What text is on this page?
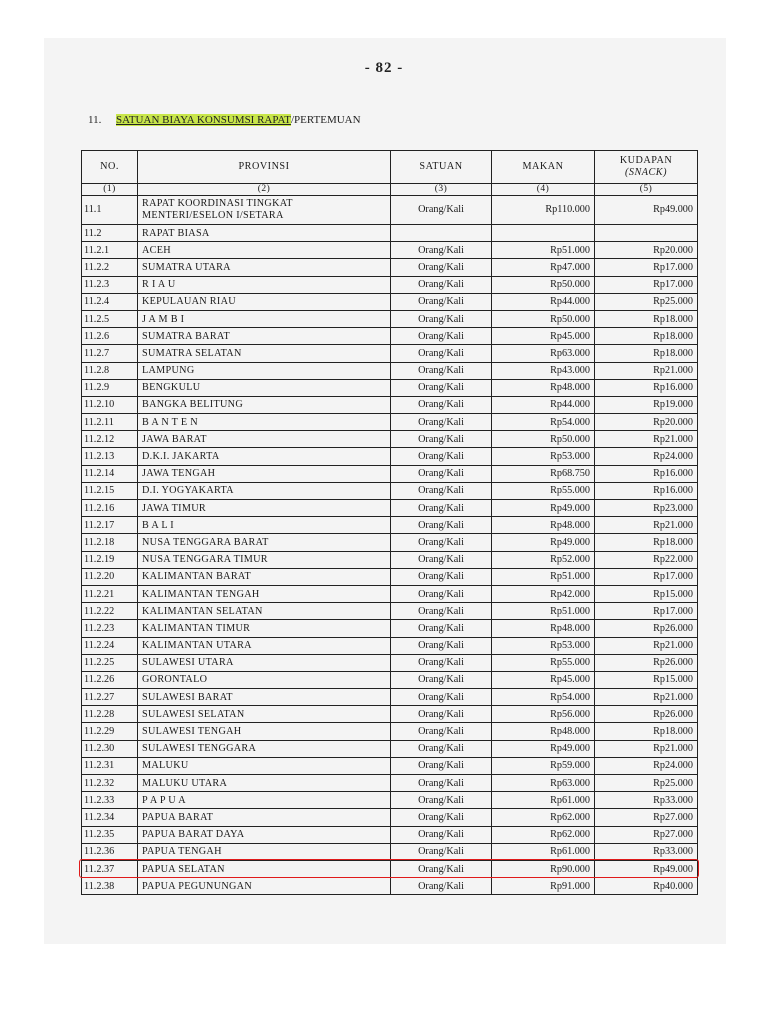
- 82 -
11. SATUAN BIAYA KONSUMSI RAPAT/PERTEMUAN
NO.	PROVINSI	SATUAN	MAKAN	KUDAPAN
(SNACK)
(1)	(2)	(3)	(4)	(5)
11.1	RAPAT KOORDINASI TINGKAT MENTERI/ESELON I/SETARA	Orang/Kali	Rp110.000	Rp49.000
11.2	RAPAT BIASA			
11.2.1	ACEH	Orang/Kali	Rp51.000	Rp20.000
11.2.2	SUMATRA UTARA	Orang/Kali	Rp47.000	Rp17.000
11.2.3	R I A U	Orang/Kali	Rp50.000	Rp17.000
11.2.4	KEPULAUAN RIAU	Orang/Kali	Rp44.000	Rp25.000
11.2.5	J A M B I	Orang/Kali	Rp50.000	Rp18.000
11.2.6	SUMATRA BARAT	Orang/Kali	Rp45.000	Rp18.000
11.2.7	SUMATRA SELATAN	Orang/Kali	Rp63.000	Rp18.000
11.2.8	LAMPUNG	Orang/Kali	Rp43.000	Rp21.000
11.2.9	BENGKULU	Orang/Kali	Rp48.000	Rp16.000
11.2.10	BANGKA BELITUNG	Orang/Kali	Rp44.000	Rp19.000
11.2.11	B A N T E N	Orang/Kali	Rp54.000	Rp20.000
11.2.12	JAWA BARAT	Orang/Kali	Rp50.000	Rp21.000
11.2.13	D.K.I. JAKARTA	Orang/Kali	Rp53.000	Rp24.000
11.2.14	JAWA TENGAH	Orang/Kali	Rp68.750	Rp16.000
11.2.15	D.I. YOGYAKARTA	Orang/Kali	Rp55.000	Rp16.000
11.2.16	JAWA TIMUR	Orang/Kali	Rp49.000	Rp23.000
11.2.17	B A L I	Orang/Kali	Rp48.000	Rp21.000
11.2.18	NUSA TENGGARA BARAT	Orang/Kali	Rp49.000	Rp18.000
11.2.19	NUSA TENGGARA TIMUR	Orang/Kali	Rp52.000	Rp22.000
11.2.20	KALIMANTAN BARAT	Orang/Kali	Rp51.000	Rp17.000
11.2.21	KALIMANTAN TENGAH	Orang/Kali	Rp42.000	Rp15.000
11.2.22	KALIMANTAN SELATAN	Orang/Kali	Rp51.000	Rp17.000
11.2.23	KALIMANTAN TIMUR	Orang/Kali	Rp48.000	Rp26.000
11.2.24	KALIMANTAN UTARA	Orang/Kali	Rp53.000	Rp21.000
11.2.25	SULAWESI UTARA	Orang/Kali	Rp55.000	Rp26.000
11.2.26	GORONTALO	Orang/Kali	Rp45.000	Rp15.000
11.2.27	SULAWESI BARAT	Orang/Kali	Rp54.000	Rp21.000
11.2.28	SULAWESI SELATAN	Orang/Kali	Rp56.000	Rp26.000
11.2.29	SULAWESI TENGAH	Orang/Kali	Rp48.000	Rp18.000
11.2.30	SULAWESI TENGGARA	Orang/Kali	Rp49.000	Rp21.000
11.2.31	MALUKU	Orang/Kali	Rp59.000	Rp24.000
11.2.32	MALUKU UTARA	Orang/Kali	Rp63.000	Rp25.000
11.2.33	P A P U A	Orang/Kali	Rp61.000	Rp33.000
11.2.34	PAPUA BARAT	Orang/Kali	Rp62.000	Rp27.000
11.2.35	PAPUA BARAT DAYA	Orang/Kali	Rp62.000	Rp27.000
11.2.36	PAPUA TENGAH	Orang/Kali	Rp61.000	Rp33.000
11.2.37	PAPUA SELATAN	Orang/Kali	Rp90.000	Rp49.000
11.2.38	PAPUA PEGUNUNGAN	Orang/Kali	Rp91.000	Rp40.000
